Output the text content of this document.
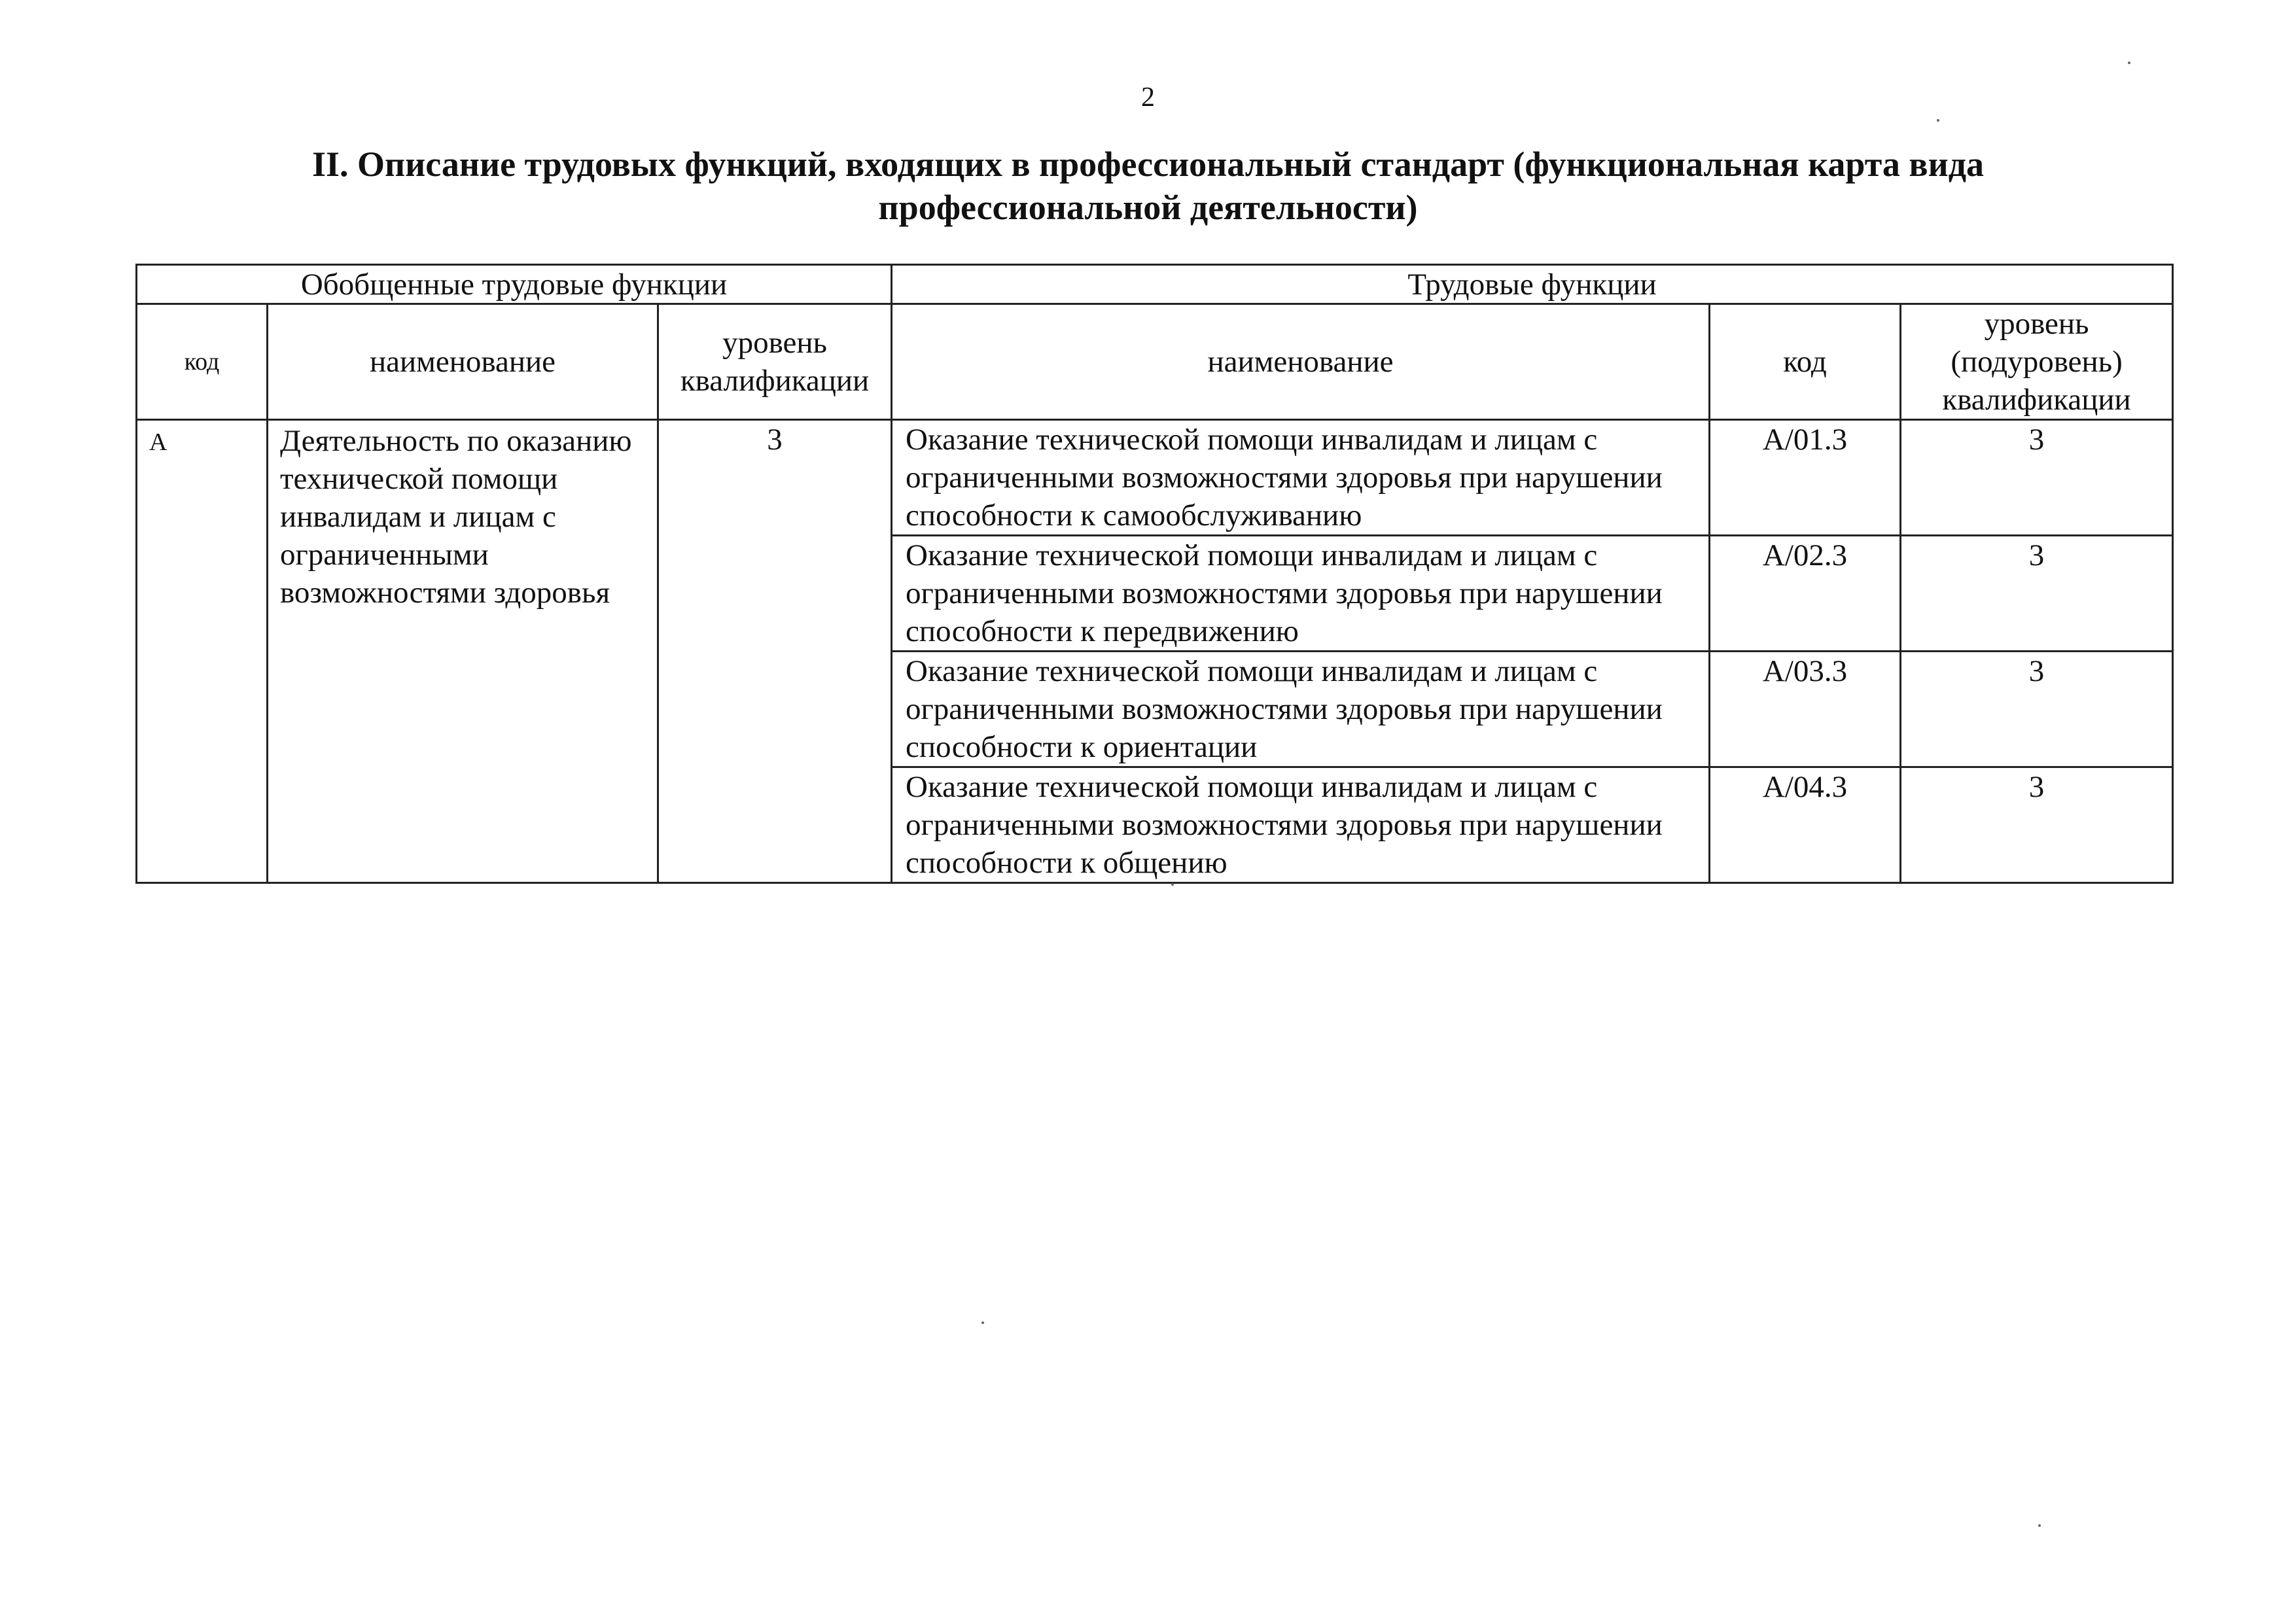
2
II. Описание трудовых функций, входящих в профессиональный стандарт (функциональная карта вида
профессиональной деятельности)
Обобщенные трудовые функции			Трудовые функции		
код	наименование	уровень квалификации	наименование	код	уровень (подуровень) квалификации
A	Деятельность по оказанию технической помощи инвалидам и лицам с ограниченными возможностями здоровья	3	Оказание технической помощи инвалидам и лицам с ограниченными возможностями здоровья при нарушении способности к самообслуживанию	A/01.3	3
			Оказание технической помощи инвалидам и лицам с ограниченными возможностями здоровья при нарушении способности к передвижению	A/02.3	3
			Оказание технической помощи инвалидам и лицам с ограниченными возможностями здоровья при нарушении способности к ориентации	A/03.3	3
			Оказание технической помощи инвалидам и лицам с ограниченными возможностями здоровья при нарушении способности к общению	A/04.3	3
